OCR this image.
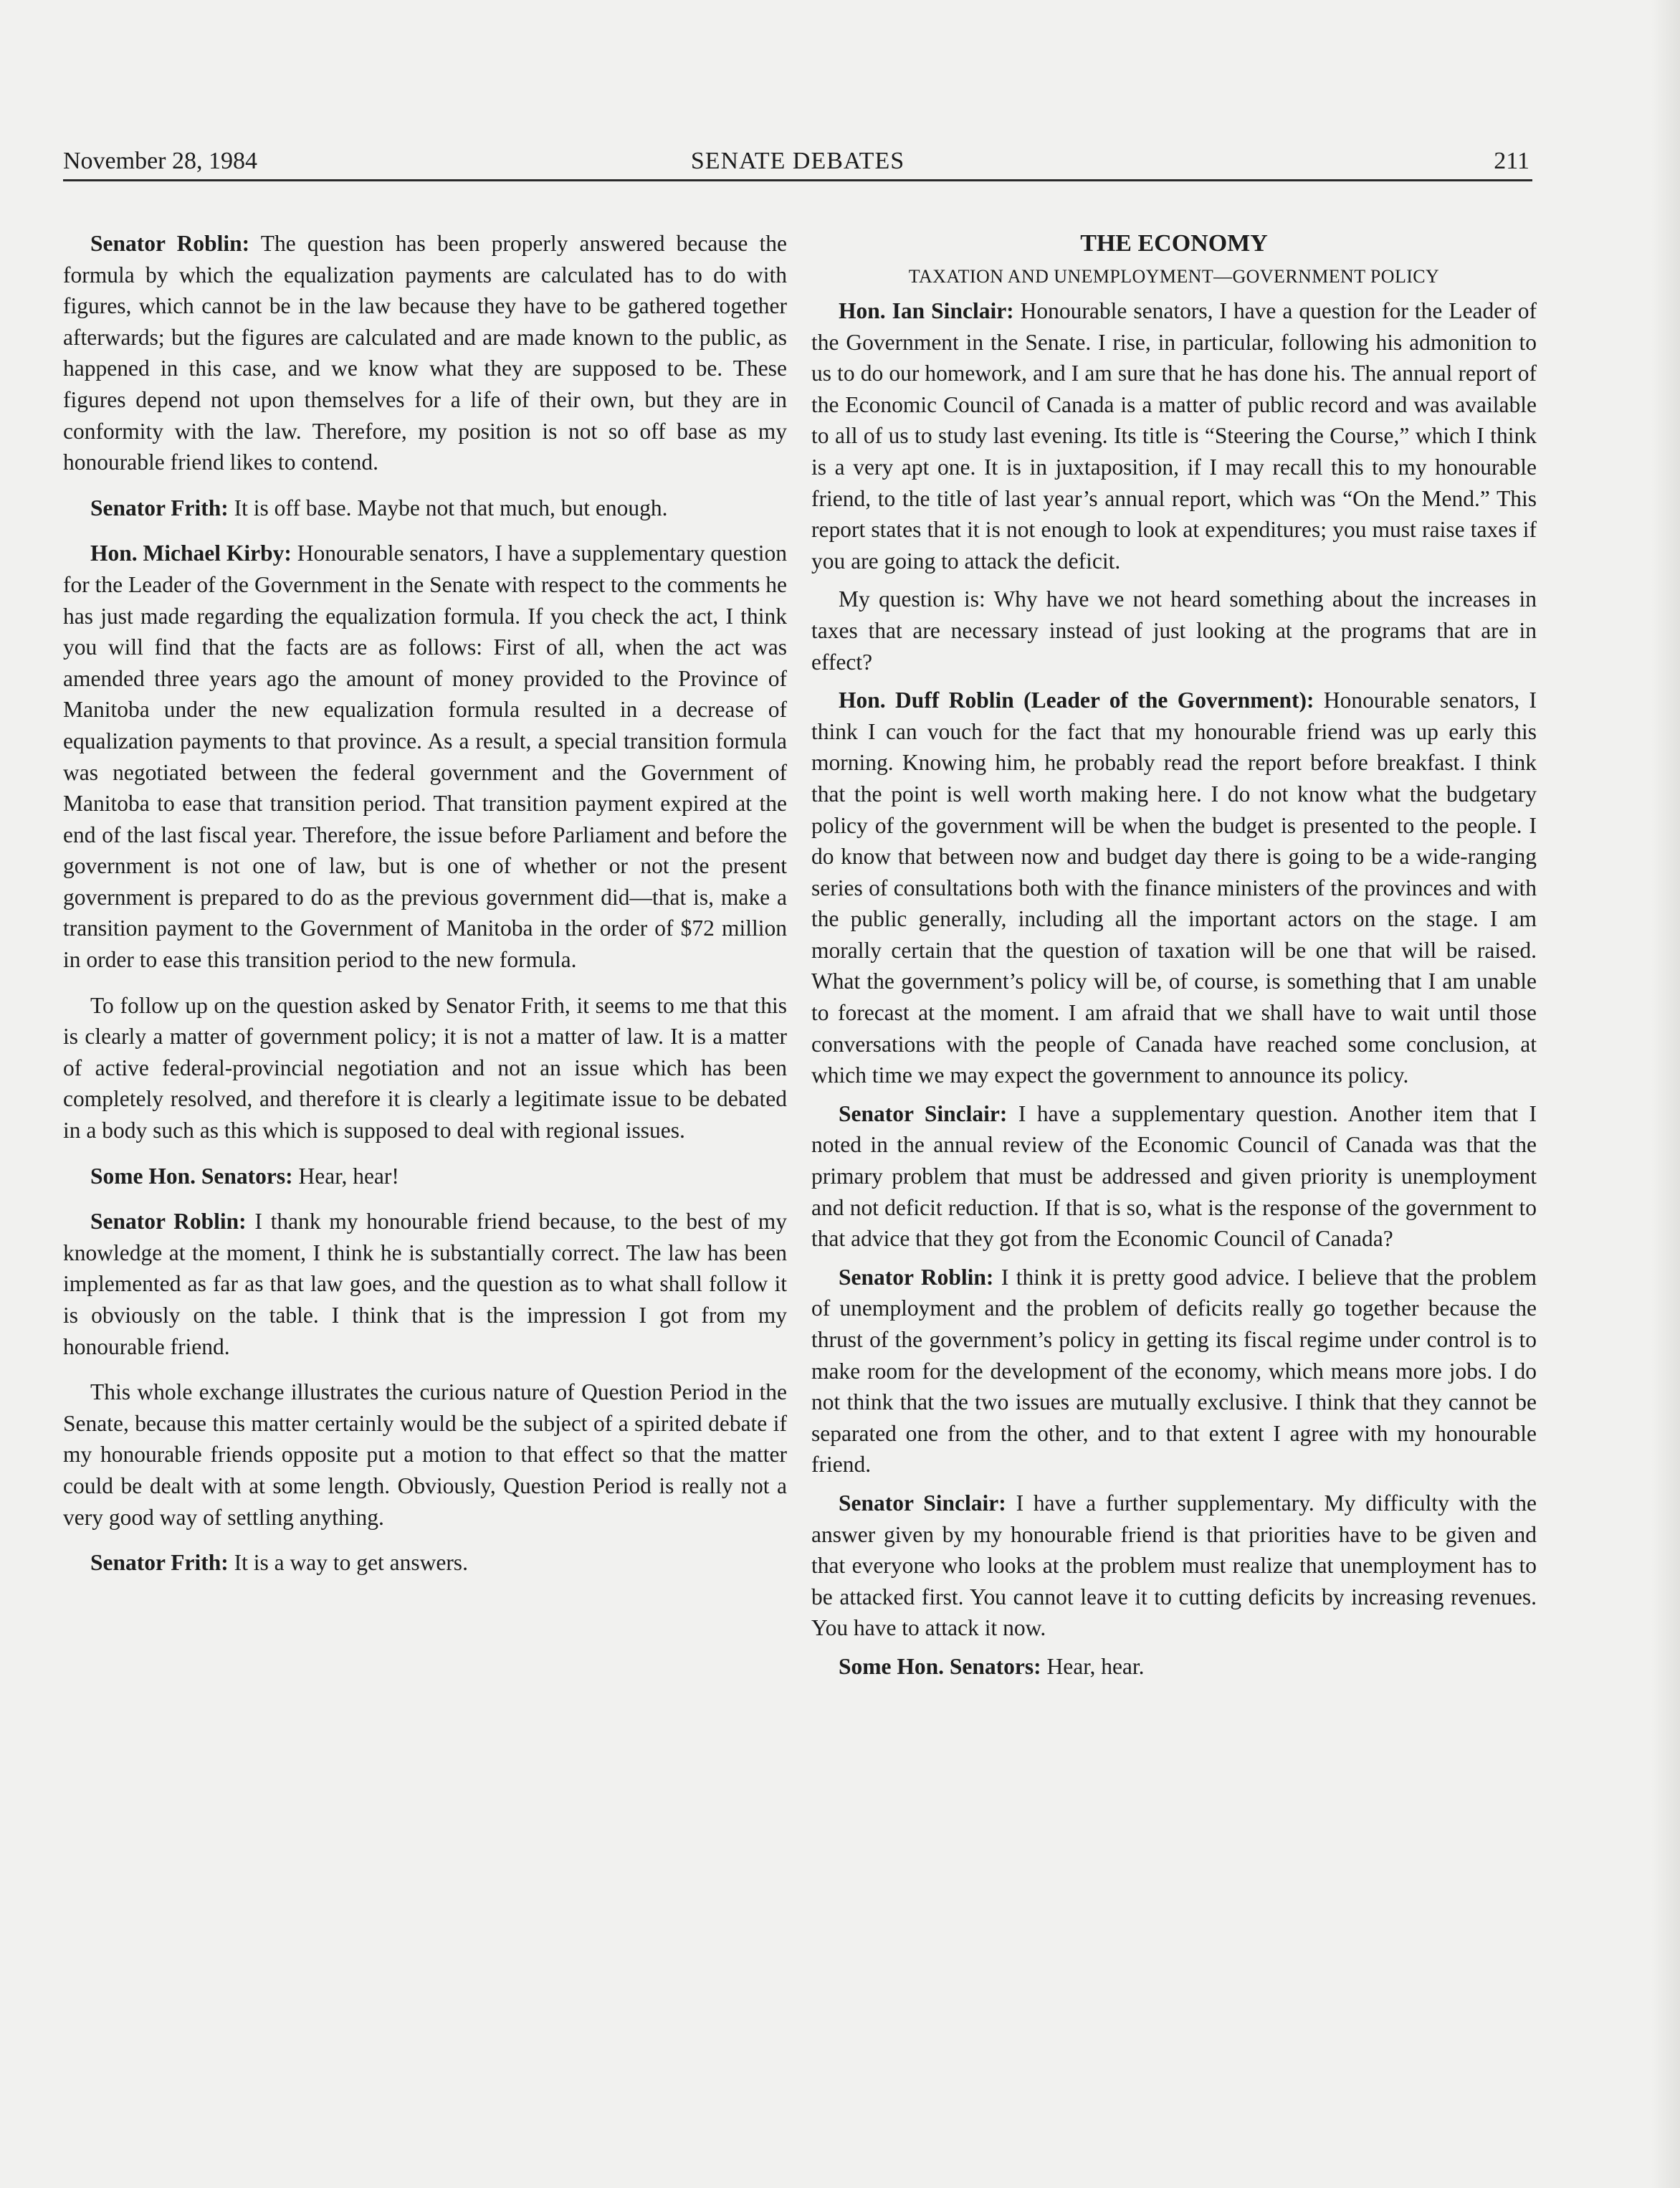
November 28, 1984	SENATE DEBATES	211

Senator Roblin: The question has been properly answered because the formula by which the equalization payments are calculated has to do with figures, which cannot be in the law because they have to be gathered together afterwards; but the figures are calculated and are made known to the public, as happened in this case, and we know what they are supposed to be. These figures depend not upon themselves for a life of their own, but they are in conformity with the law. Therefore, my position is not so off base as my honourable friend likes to contend.

Senator Frith: It is off base. Maybe not that much, but enough.

Hon. Michael Kirby: Honourable senators, I have a supplementary question for the Leader of the Government in the Senate with respect to the comments he has just made regarding the equalization formula. If you check the act, I think you will find that the facts are as follows: First of all, when the act was amended three years ago the amount of money provided to the Province of Manitoba under the new equalization formula resulted in a decrease of equalization payments to that province. As a result, a special transition formula was negotiated between the federal government and the Government of Manitoba to ease that transition period. That transition payment expired at the end of the last fiscal year. Therefore, the issue before Parliament and before the government is not one of law, but is one of whether or not the present government is prepared to do as the previous government did—that is, make a transition payment to the Government of Manitoba in the order of $72 million in order to ease this transition period to the new formula.

To follow up on the question asked by Senator Frith, it seems to me that this is clearly a matter of government policy; it is not a matter of law. It is a matter of active federal-provincial negotiation and not an issue which has been completely resolved, and therefore it is clearly a legitimate issue to be debated in a body such as this which is supposed to deal with regional issues.

Some Hon. Senators: Hear, hear!

Senator Roblin: I thank my honourable friend because, to the best of my knowledge at the moment, I think he is substantially correct. The law has been implemented as far as that law goes, and the question as to what shall follow it is obviously on the table. I think that is the impression I got from my honourable friend.

This whole exchange illustrates the curious nature of Question Period in the Senate, because this matter certainly would be the subject of a spirited debate if my honourable friends opposite put a motion to that effect so that the matter could be dealt with at some length. Obviously, Question Period is really not a very good way of settling anything.

Senator Frith: It is a way to get answers.

THE ECONOMY
TAXATION AND UNEMPLOYMENT—GOVERNMENT POLICY

Hon. Ian Sinclair: Honourable senators, I have a question for the Leader of the Government in the Senate. I rise, in particular, following his admonition to us to do our homework, and I am sure that he has done his. The annual report of the Economic Council of Canada is a matter of public record and was available to all of us to study last evening. Its title is “Steering the Course,” which I think is a very apt one. It is in juxtaposition, if I may recall this to my honourable friend, to the title of last year’s annual report, which was “On the Mend.” This report states that it is not enough to look at expenditures; you must raise taxes if you are going to attack the deficit.

My question is: Why have we not heard something about the increases in taxes that are necessary instead of just looking at the programs that are in effect?

Hon. Duff Roblin (Leader of the Government): Honourable senators, I think I can vouch for the fact that my honourable friend was up early this morning. Knowing him, he probably read the report before breakfast. I think that the point is well worth making here. I do not know what the budgetary policy of the government will be when the budget is presented to the people. I do know that between now and budget day there is going to be a wide-ranging series of consultations both with the finance ministers of the provinces and with the public generally, including all the important actors on the stage. I am morally certain that the question of taxation will be one that will be raised. What the government’s policy will be, of course, is something that I am unable to forecast at the moment. I am afraid that we shall have to wait until those conversations with the people of Canada have reached some conclusion, at which time we may expect the government to announce its policy.

Senator Sinclair: I have a supplementary question. Another item that I noted in the annual review of the Economic Council of Canada was that the primary problem that must be addressed and given priority is unemployment and not deficit reduction. If that is so, what is the response of the government to that advice that they got from the Economic Council of Canada?

Senator Roblin: I think it is pretty good advice. I believe that the problem of unemployment and the problem of deficits really go together because the thrust of the government’s policy in getting its fiscal regime under control is to make room for the development of the economy, which means more jobs. I do not think that the two issues are mutually exclusive. I think that they cannot be separated one from the other, and to that extent I agree with my honourable friend.

Senator Sinclair: I have a further supplementary. My difficulty with the answer given by my honourable friend is that priorities have to be given and that everyone who looks at the problem must realize that unemployment has to be attacked first. You cannot leave it to cutting deficits by increasing revenues. You have to attack it now.

Some Hon. Senators: Hear, hear.
